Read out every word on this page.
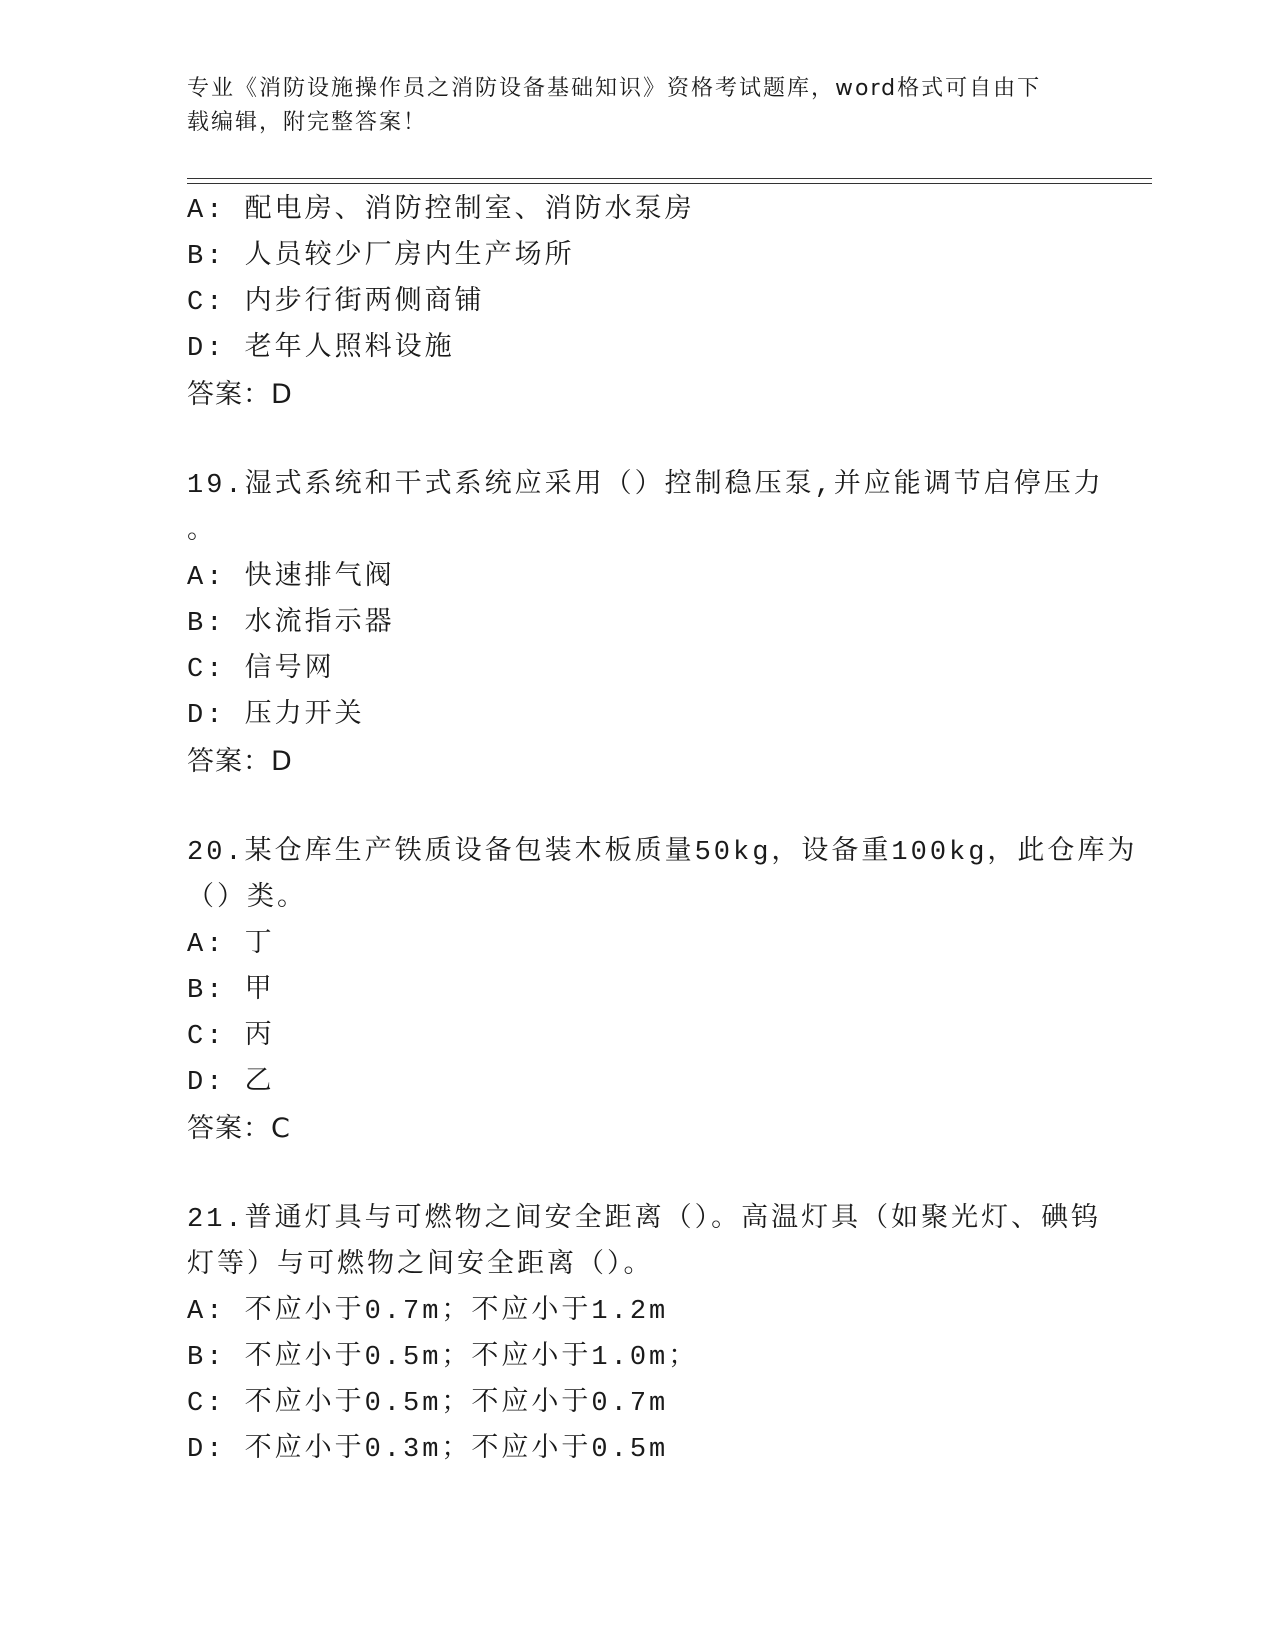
专业《消防设施操作员之消防设备基础知识》资格考试题库，word格式可自由下
载编辑，附完整答案！
A: 配电房、消防控制室、消防水泵房
B: 人员较少厂房内生产场所
C: 内步行街两侧商铺
D: 老年人照料设施
答案：D
19.湿式系统和干式系统应采用（）控制稳压泵,并应能调节启停压力
。
A: 快速排气阀
B: 水流指示器
C: 信号网
D: 压力开关
答案：D
20.某仓库生产铁质设备包装木板质量50kg，设备重100kg，此仓库为
（）类。
A: 丁
B: 甲
C: 丙
D: 乙
答案：C
21.普通灯具与可燃物之间安全距离（）。高温灯具（如聚光灯、碘钨
灯等）与可燃物之间安全距离（）。
A: 不应小于0.7m；不应小于1.2m
B: 不应小于0.5m；不应小于1.0m；
C: 不应小于0.5m；不应小于0.7m
D: 不应小于0.3m；不应小于0.5m
